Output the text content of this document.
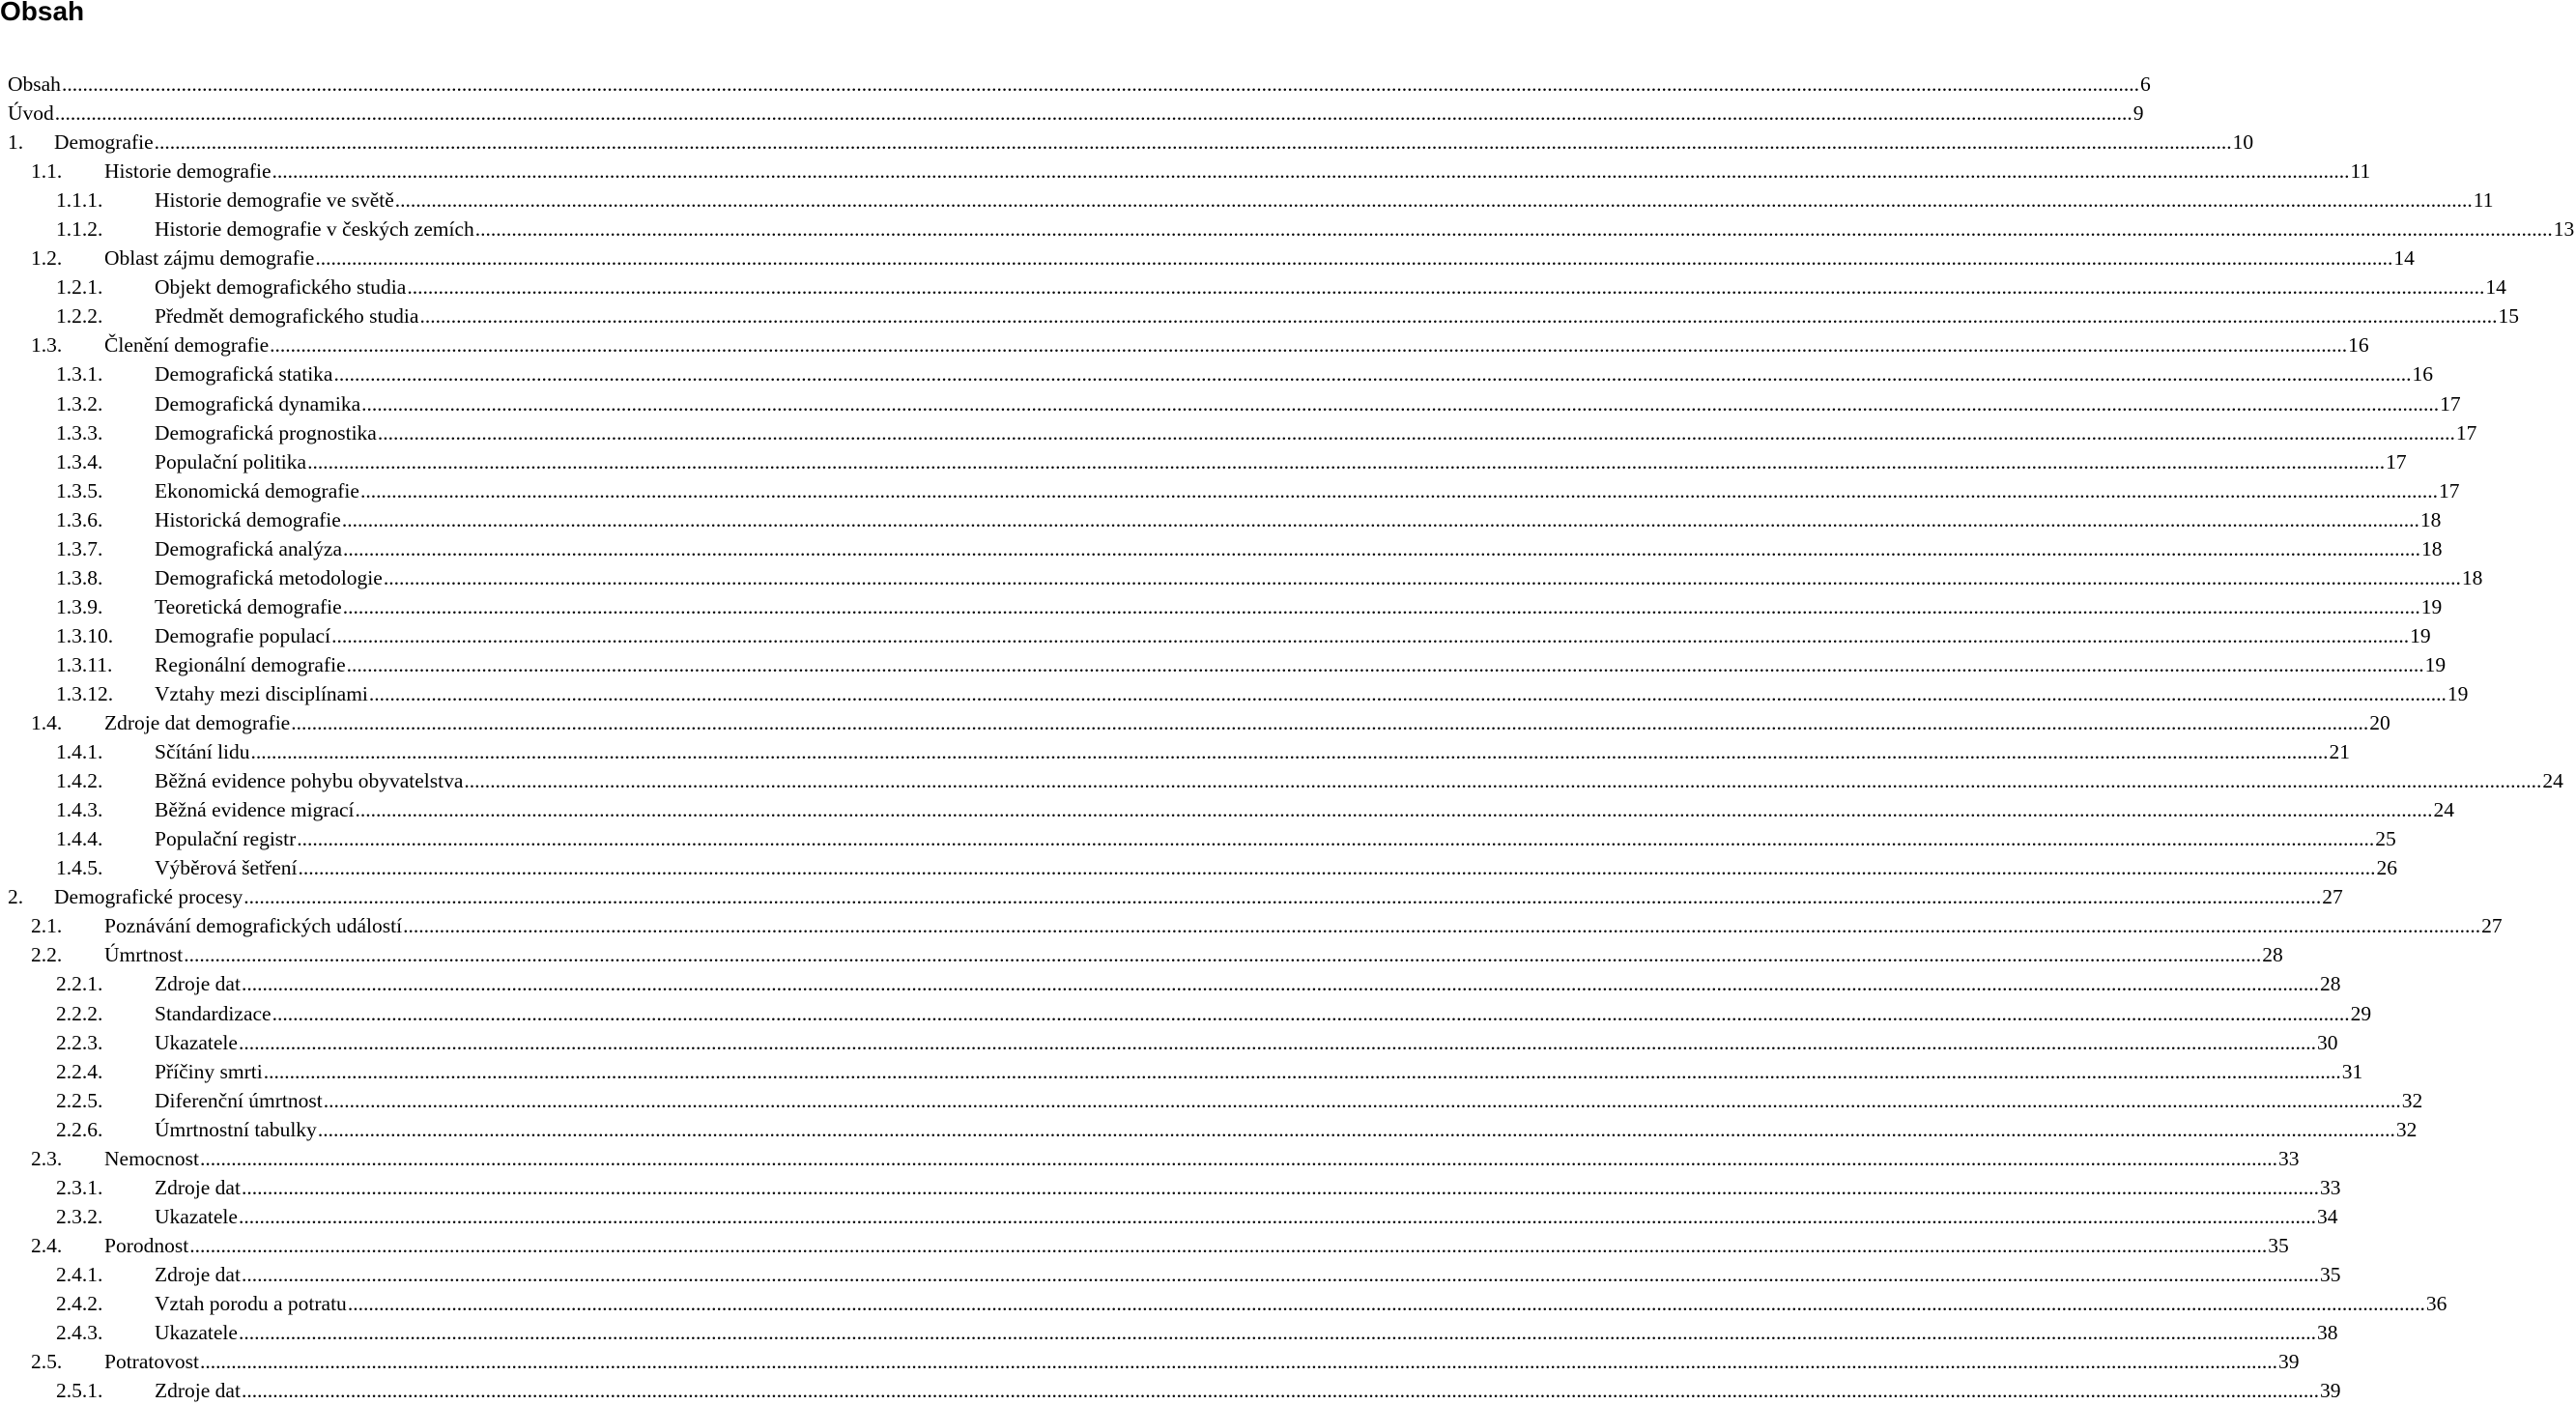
Obsah
Obsah ................................................................................................................................................................................................................................................................................................................................................................................................................ 6
Úvod ................................................................................................................................................................................................................................................................................................................................................................................................................ 9
1. Demografie ................................................................................................................................................................................................................................................................................................................................................................................................................ 10
1.1. Historie demografie ................................................................................................................................................................................................................................................................................................................................................................................................................ 11
1.1.1. Historie demografie ve světě ................................................................................................................................................................................................................................................................................................................................................................................................................ 11
1.1.2. Historie demografie v českých zemích ................................................................................................................................................................................................................................................................................................................................................................................................................ 13
1.2. Oblast zájmu demografie ................................................................................................................................................................................................................................................................................................................................................................................................................ 14
1.2.1. Objekt demografického studia ................................................................................................................................................................................................................................................................................................................................................................................................................ 14
1.2.2. Předmět demografického studia ................................................................................................................................................................................................................................................................................................................................................................................................................ 15
1.3. Členění demografie ................................................................................................................................................................................................................................................................................................................................................................................................................ 16
1.3.1. Demografická statika ................................................................................................................................................................................................................................................................................................................................................................................................................ 16
1.3.2. Demografická dynamika ................................................................................................................................................................................................................................................................................................................................................................................................................ 17
1.3.3. Demografická prognostika ................................................................................................................................................................................................................................................................................................................................................................................................................ 17
1.3.4. Populační politika ................................................................................................................................................................................................................................................................................................................................................................................................................ 17
1.3.5. Ekonomická demografie ................................................................................................................................................................................................................................................................................................................................................................................................................ 17
1.3.6. Historická demografie ................................................................................................................................................................................................................................................................................................................................................................................................................ 18
1.3.7. Demografická analýza ................................................................................................................................................................................................................................................................................................................................................................................................................ 18
1.3.8. Demografická metodologie ................................................................................................................................................................................................................................................................................................................................................................................................................ 18
1.3.9. Teoretická demografie ................................................................................................................................................................................................................................................................................................................................................................................................................ 19
1.3.10. Demografie populací ................................................................................................................................................................................................................................................................................................................................................................................................................ 19
1.3.11. Regionální demografie ................................................................................................................................................................................................................................................................................................................................................................................................................ 19
1.3.12. Vztahy mezi disciplínami ................................................................................................................................................................................................................................................................................................................................................................................................................ 19
1.4. Zdroje dat demografie ................................................................................................................................................................................................................................................................................................................................................................................................................ 20
1.4.1. Sčítání lidu ................................................................................................................................................................................................................................................................................................................................................................................................................ 21
1.4.2. Běžná evidence pohybu obyvatelstva ................................................................................................................................................................................................................................................................................................................................................................................................................ 24
1.4.3. Běžná evidence migrací ................................................................................................................................................................................................................................................................................................................................................................................................................ 24
1.4.4. Populační registr ................................................................................................................................................................................................................................................................................................................................................................................................................ 25
1.4.5. Výběrová šetření ................................................................................................................................................................................................................................................................................................................................................................................................................ 26
2. Demografické procesy ................................................................................................................................................................................................................................................................................................................................................................................................................ 27
2.1. Poznávání demografických událostí ................................................................................................................................................................................................................................................................................................................................................................................................................ 27
2.2. Úmrtnost ................................................................................................................................................................................................................................................................................................................................................................................................................ 28
2.2.1. Zdroje dat ................................................................................................................................................................................................................................................................................................................................................................................................................ 28
2.2.2. Standardizace ................................................................................................................................................................................................................................................................................................................................................................................................................ 29
2.2.3. Ukazatele ................................................................................................................................................................................................................................................................................................................................................................................................................ 30
2.2.4. Příčiny smrti ................................................................................................................................................................................................................................................................................................................................................................................................................ 31
2.2.5. Diferenční úmrtnost ................................................................................................................................................................................................................................................................................................................................................................................................................ 32
2.2.6. Úmrtnostní tabulky ................................................................................................................................................................................................................................................................................................................................................................................................................ 32
2.3. Nemocnost ................................................................................................................................................................................................................................................................................................................................................................................................................ 33
2.3.1. Zdroje dat ................................................................................................................................................................................................................................................................................................................................................................................................................ 33
2.3.2. Ukazatele ................................................................................................................................................................................................................................................................................................................................................................................................................ 34
2.4. Porodnost ................................................................................................................................................................................................................................................................................................................................................................................................................ 35
2.4.1. Zdroje dat ................................................................................................................................................................................................................................................................................................................................................................................................................ 35
2.4.2. Vztah porodu a potratu ................................................................................................................................................................................................................................................................................................................................................................................................................ 36
2.4.3. Ukazatele ................................................................................................................................................................................................................................................................................................................................................................................................................ 38
2.5. Potratovost ................................................................................................................................................................................................................................................................................................................................................................................................................ 39
2.5.1. Zdroje dat ................................................................................................................................................................................................................................................................................................................................................................................................................ 39
